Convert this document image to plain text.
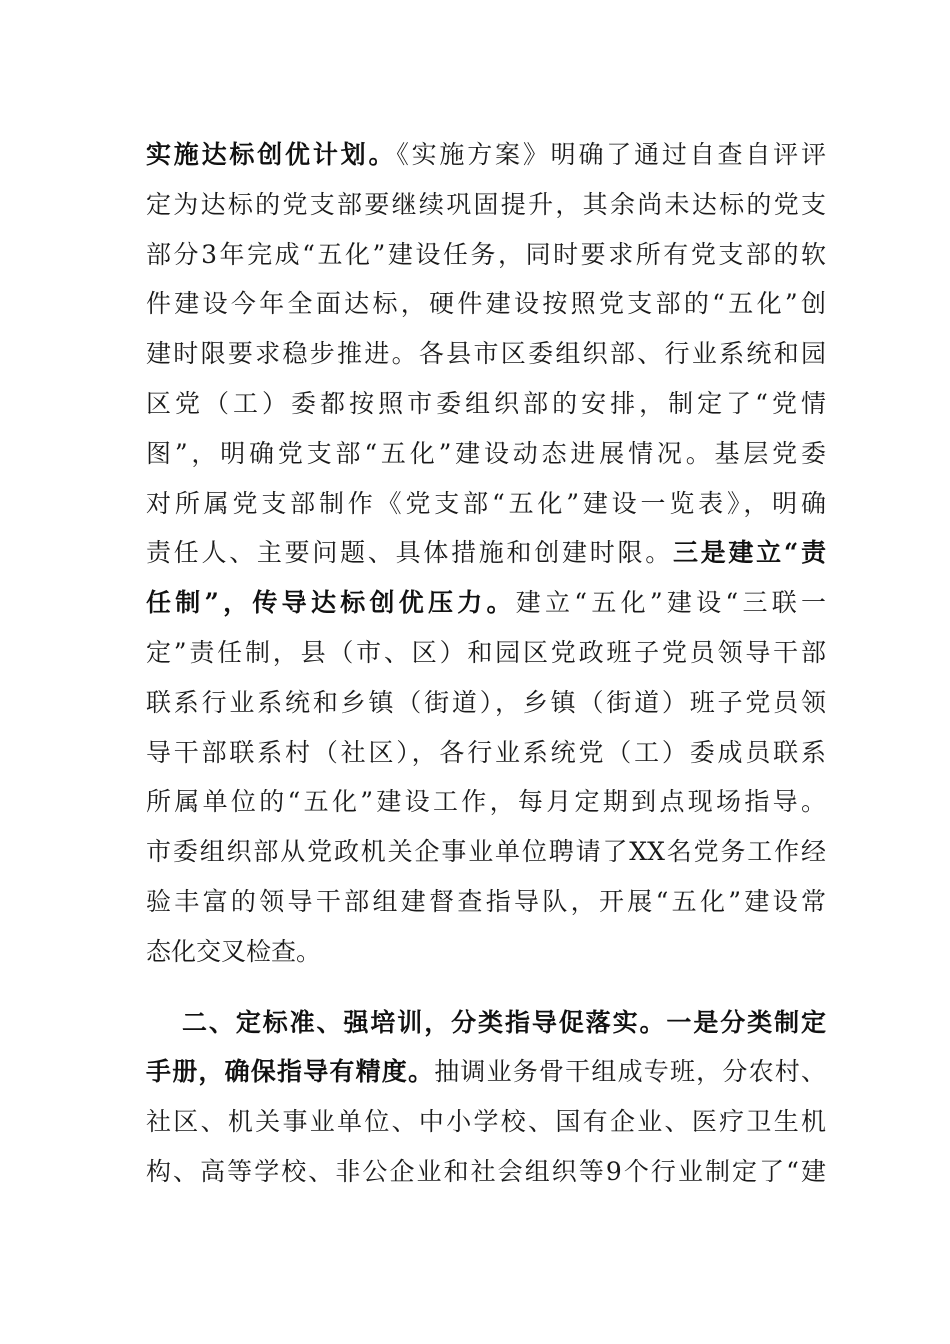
实施达标创优计划。《实施方案》明确了通过自查自评评
定为达标的党支部要继续巩固提升，其余尚未达标的党支
部分3年完成“五化”建设任务，同时要求所有党支部的软
件建设今年全面达标，硬件建设按照党支部的“五化”创
建时限要求稳步推进。各县市区委组织部、行业系统和园
区党（工）委都按照市委组织部的安排，制定了“党情
图”，明确党支部“五化”建设动态进展情况。基层党委
对所属党支部制作《党支部“五化”建设一览表》，明确
责任人、主要问题、具体措施和创建时限。三是建立“责
任制”，传导达标创优压力。建立“五化”建设“三联一
定”责任制，县（市、区）和园区党政班子党员领导干部
联系行业系统和乡镇（街道），乡镇（街道）班子党员领
导干部联系村（社区），各行业系统党（工）委成员联系
所属单位的“五化”建设工作，每月定期到点现场指导。
市委组织部从党政机关企事业单位聘请了XX名党务工作经
验丰富的领导干部组建督查指导队，开展“五化”建设常
态化交叉检查。
二、定标准、强培训，分类指导促落实。一是分类制定
手册，确保指导有精度。抽调业务骨干组成专班，分农村、
社区、机关事业单位、中小学校、国有企业、医疗卫生机
构、高等学校、非公企业和社会组织等9个行业制定了“建
